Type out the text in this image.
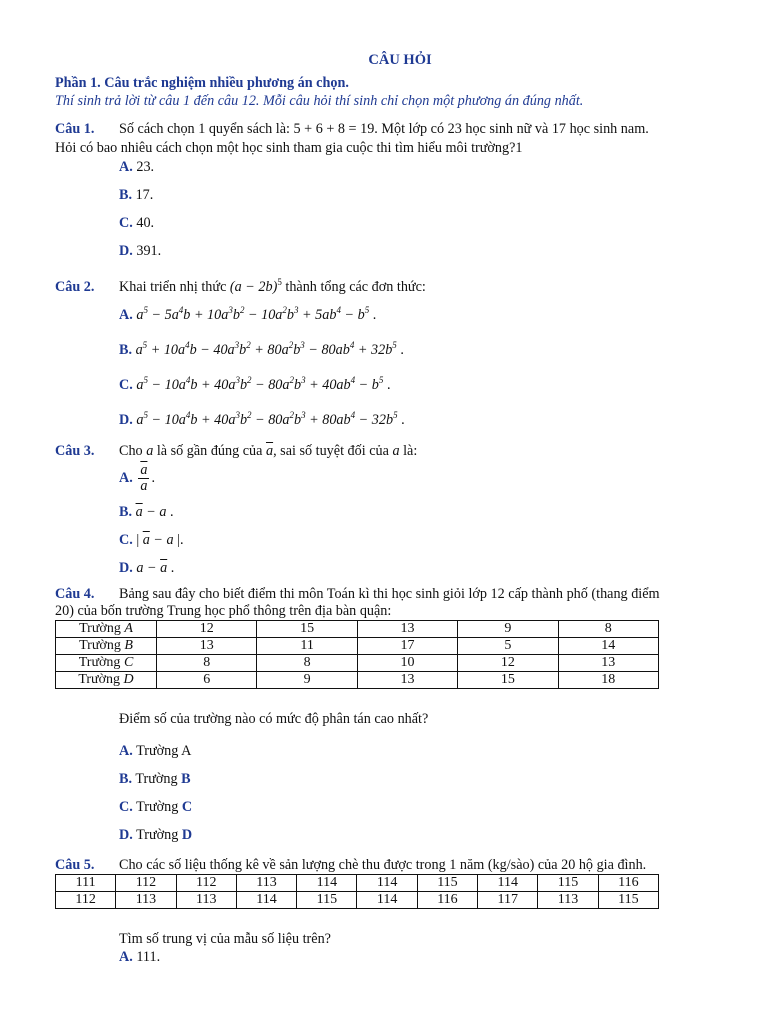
CÂU HỎI
Phần 1. Câu trắc nghiệm nhiều phương án chọn.
Thí sinh trả lời từ câu 1 đến câu 12. Mỗi câu hỏi thí sinh chỉ chọn một phương án đúng nhất.
Câu 1. Số cách chọn 1 quyển sách là: 5 + 6 + 8 = 19. Một lớp có 23 học sinh nữ và 17 học sinh nam.
Hỏi có bao nhiêu cách chọn một học sinh tham gia cuộc thi tìm hiểu môi trường?1
A. 23.
B. 17.
C. 40.
D. 391.
Câu 2. Khai triển nhị thức $(a - 2b)^5$ thành tổng các đơn thức:
A. $a^5 - 5a^4b + 10a^3b^2 - 10a^2b^3 + 5ab^4 - b^5$ .
B. $a^5 + 10a^4b - 40a^3b^2 + 80a^2b^3 - 80ab^4 + 32b^5$ .
C. $a^5 - 10a^4b + 40a^3b^2 - 80a^2b^3 + 40ab^4 - b^5$ .
D. $a^5 - 10a^4b + 40a^3b^2 - 80a^2b^3 + 80ab^4 - 32b^5$ .
Câu 3. Cho a là số gần đúng của $\overline{a}$, sai số tuyệt đối của a là:
A. $\frac{\overline{a}}{a}$ .
B. $\overline{a} - a$ .
C. | $\overline{a} - a$ |.
D. $a - \overline{a}$ .
Câu 4. Bảng sau đây cho biết điểm thi môn Toán kì thi học sinh giỏi lớp 12 cấp thành phố (thang điểm
20) của bốn trường Trung học phổ thông trên địa bàn quận:
Trường A	12	15	13	9	8
Trường B	13	11	17	5	14
Trường C	8	8	10	12	13
Trường D	6	9	13	15	18
Điểm số của trường nào có mức độ phân tán cao nhất?
A. Trường A
B. Trường B
C. Trường C
D. Trường D
Câu 5. Cho các số liệu thống kê về sản lượng chè thu được trong 1 năm (kg/sào) của 20 hộ gia đình.
111	112	112	113	114	114	115	114	115	116
112	113	113	114	115	114	116	117	113	115
Tìm số trung vị của mẫu số liệu trên?
A. 111.
